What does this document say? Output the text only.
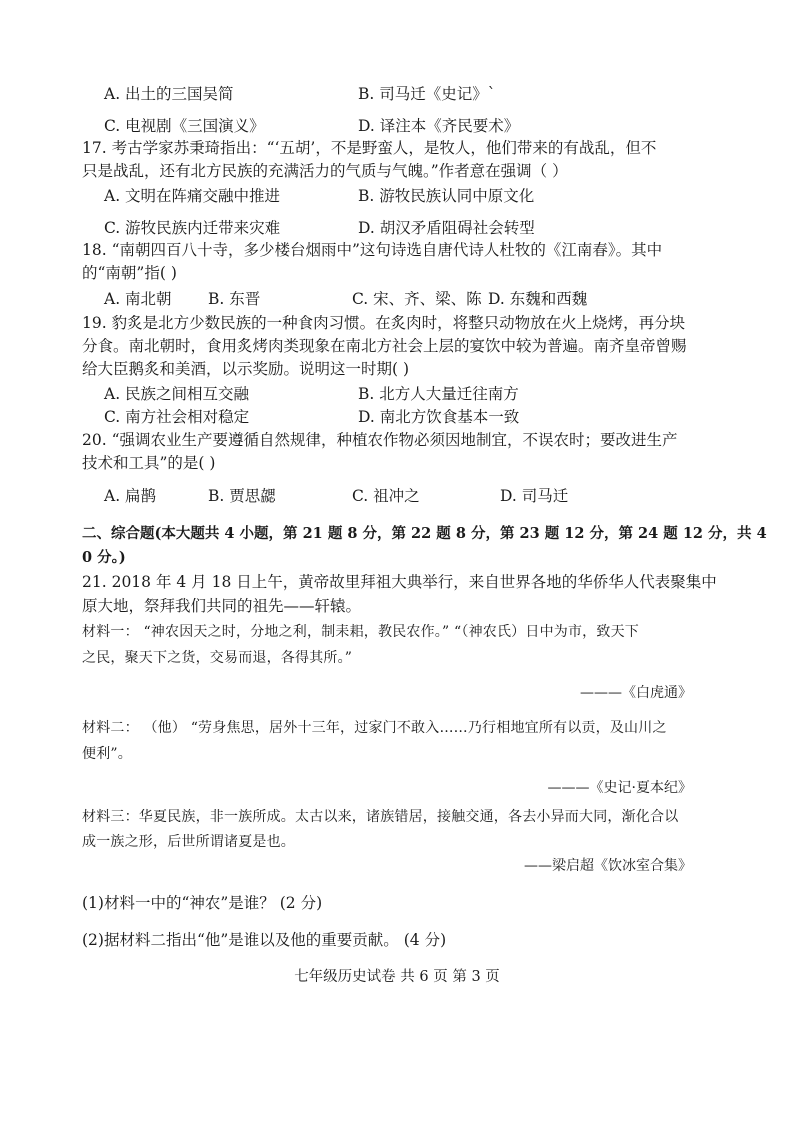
A. 出土的三国吴简	B. 司马迁《史记》`
C. 电视剧《三国演义》	D. 译注本《齐民要术》
17. 考古学家苏秉琦指出：“‘五胡’，不是野蛮人，是牧人，他们带来的有战乱，但不
只是战乱，还有北方民族的充满活力的气质与气魄。”作者意在强调（ ）
A. 文明在阵痛交融中推进	B. 游牧民族认同中原文化
C. 游牧民族内迁带来灾难	D. 胡汉矛盾阻碍社会转型
18. “南朝四百八十寺，多少楼台烟雨中”这句诗选自唐代诗人杜牧的《江南春》。其中
的“南朝”指( )
A. 南北朝 B. 东晋	C. 宋、齐、梁、陈 D. 东魏和西魏
19. 豹炙是北方少数民族的一种食肉习惯。在炙肉时，将整只动物放在火上烧烤，再分块
分食。南北朝时，食用炙烤肉类现象在南北方社会上层的宴饮中较为普遍。南齐皇帝曾赐
给大臣鹅炙和美酒，以示奖励。说明这一时期( )
A. 民族之间相互交融	B. 北方人大量迁往南方
C. 南方社会相对稳定	D. 南北方饮食基本一致
20. “强调农业生产要遵循自然规律，种植农作物必须因地制宜，不误农时；要改进生产
技术和工具”的是( )
A. 扁鹊	B. 贾思勰	C. 祖冲之	D. 司马迁
二、综合题(本大题共 4 小题，第 21 题 8 分，第 22 题 8 分，第 23 题 12 分，第 24 题 12 分，共 4
0 分。)
21. 2018 年 4 月 18 日上午，黄帝故里拜祖大典举行，来自世界各地的华侨华人代表聚集中
原大地，祭拜我们共同的祖先——轩辕。
材料一： “神农因天之时，分地之利，制耒耜，教民农作。” “（神农氏）日中为市，致天下
之民，聚天下之货，交易而退，各得其所。”
———《白虎通》
材料二： （他） “劳身焦思，居外十三年，过家门不敢入……乃行相地宜所有以贡，及山川之
便利”。
———《史记·夏本纪》
材料三：华夏民族，非一族所成。太古以来，诸族错居，接触交通，各去小异而大同，渐化合以
成一族之形，后世所谓诸夏是也。
——梁启超《饮冰室合集》
(1)材料一中的“神农”是谁？ (2 分)
(2)据材料二指出“他”是谁以及他的重要贡献。 (4 分)
七年级历史试卷 共 6 页 第 3 页
